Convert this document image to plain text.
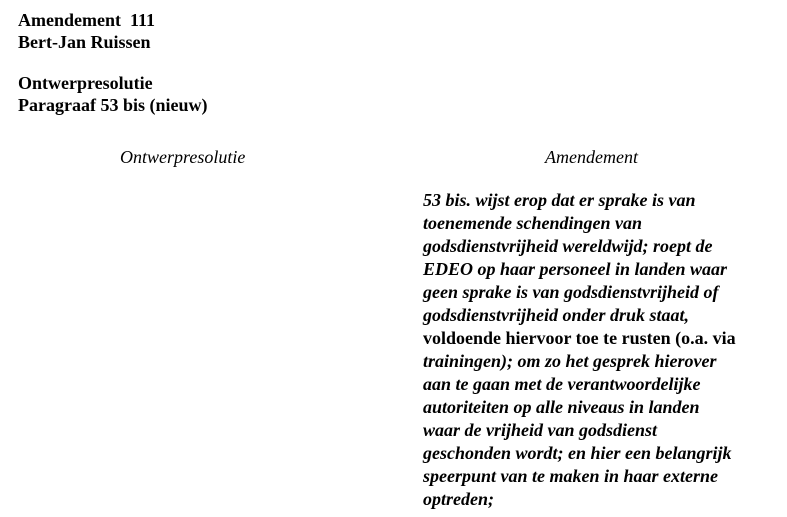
Amendement  111
Bert-Jan Ruissen
Ontwerpresolutie
Paragraaf 53 bis (nieuw)
Ontwerpresolutie	Amendement
53 bis. wijst erop dat er sprake is van
toenemende schendingen van
godsdienstvrijheid wereldwijd; roept de
EDEO op haar personeel in landen waar
geen sprake is van godsdienstvrijheid of
godsdienstvrijheid onder druk staat,
voldoende hiervoor toe te rusten (o.a. via
trainingen); om zo het gesprek hierover
aan te gaan met de verantwoordelijke
autoriteiten op alle niveaus in landen
waar de vrijheid van godsdienst
geschonden wordt; en hier een belangrijk
speerpunt van te maken in haar externe
optreden;
